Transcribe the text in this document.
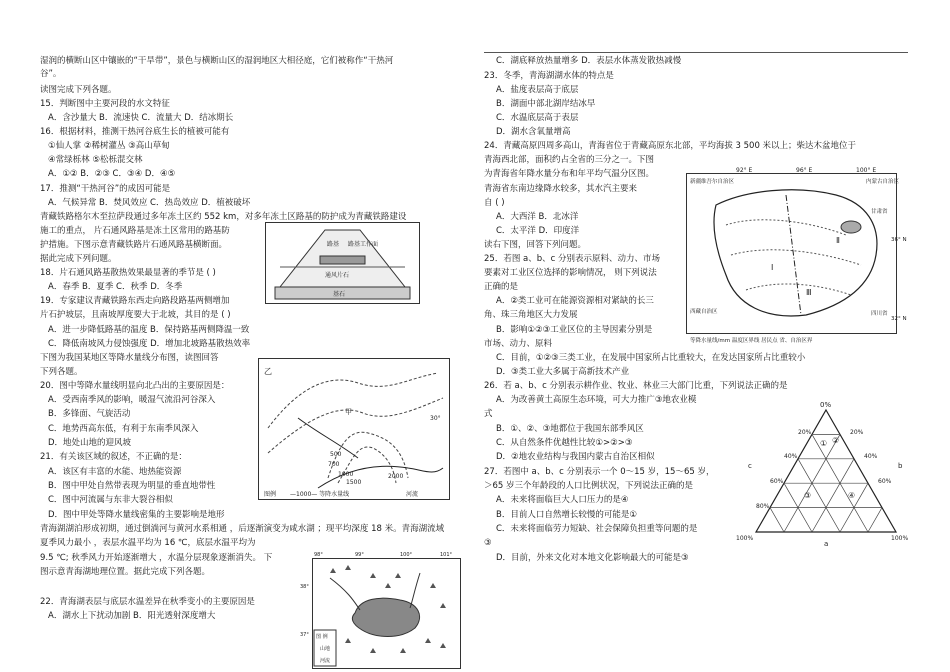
湿润的横断山区中镶嵌的“干旱带”，景色与横断山区的湿润地区大相径庭，它们被称作“干热河
谷”。
读图完成下列各题。
15．判断图中主要河段的水文特征
A．含沙量大 B．流速快 C．流量大 D．结冰期长
16．根据材料，推测干热河谷底生长的植被可能有
①仙人掌 ②稀树灌丛 ③高山草甸
④常绿栎林 ⑤松栎混交林
A．①② B．②③ C．③④ D．④⑤
17．推测“干热河谷”的成因可能是
A．气候异常 B．焚风效应 C．热岛效应 D．植被破坏
青藏铁路格尔木至拉萨段通过多年冻土区约 552 km，对多年冻土区路基的防护成为青藏铁路建设
施工的重点， 片石通风路基是冻土区常用的路基防
护措施。下图示意青藏铁路片石通风路基横断面。
据此完成下列问题。
18．片石通风路基散热效果最显著的季节是 ( )
A．春季 B．夏季 C．秋季 D．冬季
19．专家建议青藏铁路东西走向路段路基两侧增加
片石护坡层，且南坡厚度要大于北坡，其目的是 ( )
A．进一步降低路基的温度 B．保持路基两侧降温一致
C．降低南坡风力侵蚀强度 D．增加北坡路基散热效率
下图为我国某地区等降水量线分布图，读图回答
下列各题。
20．图中等降水量线明显向北凸出的主要原因是：
A．受西南季风的影响，暖湿气流沿河谷深入
B．多锋面、气旋活动
C．地势西高东低，有利于东南季风深入
D．地处山地的迎风坡
21．有关该区域的叙述，不正确的是：
A．该区有丰富的水能、地热能资源
B．图中甲处自然带表现为明显的垂直地带性
C．图中河流属与东非大裂谷相似
D．图中甲处等降水量线密集的主要影响是地形
青海湖湖泊形成初期，通过倒淌河与黄河水系相通 ，后逐渐演变为咸水湖 ；现平均深度 18 米。青海湖流域
夏季风力最小 ，表层水温平均为 16 ℃，底层水温平均为
9.5 ℃; 秋季风力开始逐渐增大 ，水温分层现象逐渐消失。 下
图示意青海湖地理位置。据此完成下列各题。
22．青海湖表层与底层水温差异在秋季变小的主要原因是
A．湖水上下扰动加剧 B．阳光透射深度增大
C．湖底释放热量增多 D．表层水体蒸发散热减慢
23．冬季，青海湖湖水体的特点是
A．盐度表层高于底层
B．湖面中部北湖岸结冰早
C．水温底层高于表层
D．湖水含氧量增高
24．青藏高原四周多高山，青海省位于青藏高原东北部，平均海拔 3 500 米以上；柴达木盆地位于
青海西北部，面积约占全省的三分之一。下图
为青海省年降水量分布和年平均气温分区图。
青海省东南边缘降水较多，其水汽主要来
自 ( )
A．大西洋 B．北冰洋
C．太平洋 D．印度洋
读右下图，回答下列问题。
25．若图 a、b、c 分别表示原料、动力、市场
要素对工业区位选择的影响情况， 则下列说法
正确的是
A．②类工业可在能源资源相对紧缺的长三
角、珠三角地区大力发展
B．影响①②③工业区位的主导因素分别是
市场、动力、原料
C．目前，①②③三类工业，在发展中国家所占比重较大，在发达国家所占比重较小
D．③类工业大多属于高新技术产业
26．若 a、b、c 分别表示耕作业、牧业、林业三大部门比重，下列说法正确的是
A．为改善黄土高原生态环境，可大力推广③地农业模
式
B．①、②、③地都位于我国东部季风区
C．从自然条件优越性比较①>②>③
D．②地农业结构与我国内蒙古自治区相似
27．若图中 a、b、c 分别表示一个 0～15 岁，15～65 岁，
＞65 岁三个年龄段的人口比例状况，下列说法正确的是
A．未来将面临巨大人口压力的是④
B．目前人口自然增长较慢的可能是①
C．未来将面临劳力短缺、社会保障负担重等问题的是
③
D．目前，外来文化对本地文化影响最大的可能是③
路基 路基工作面
通风片石
基石
乙
甲
30°
500
700
1000
1500
2000
图例 —1000— 等降水量线	河流
98°	99°	100°	101°
38°
37° 图 例
山地
河流
92° E	96° E	100° E
新疆维吾尔自治区	内蒙古自治区
甘肃省
西藏自治区	四川省
Ⅰ
Ⅱ
Ⅲ
36° N
32° N
等降水量线/mm 温度区界线 居民点 省、自治区界
0%
20%
40%
60%
80%
100%
20%
40%
60%
100%
b
c
a
① ②
③	④
